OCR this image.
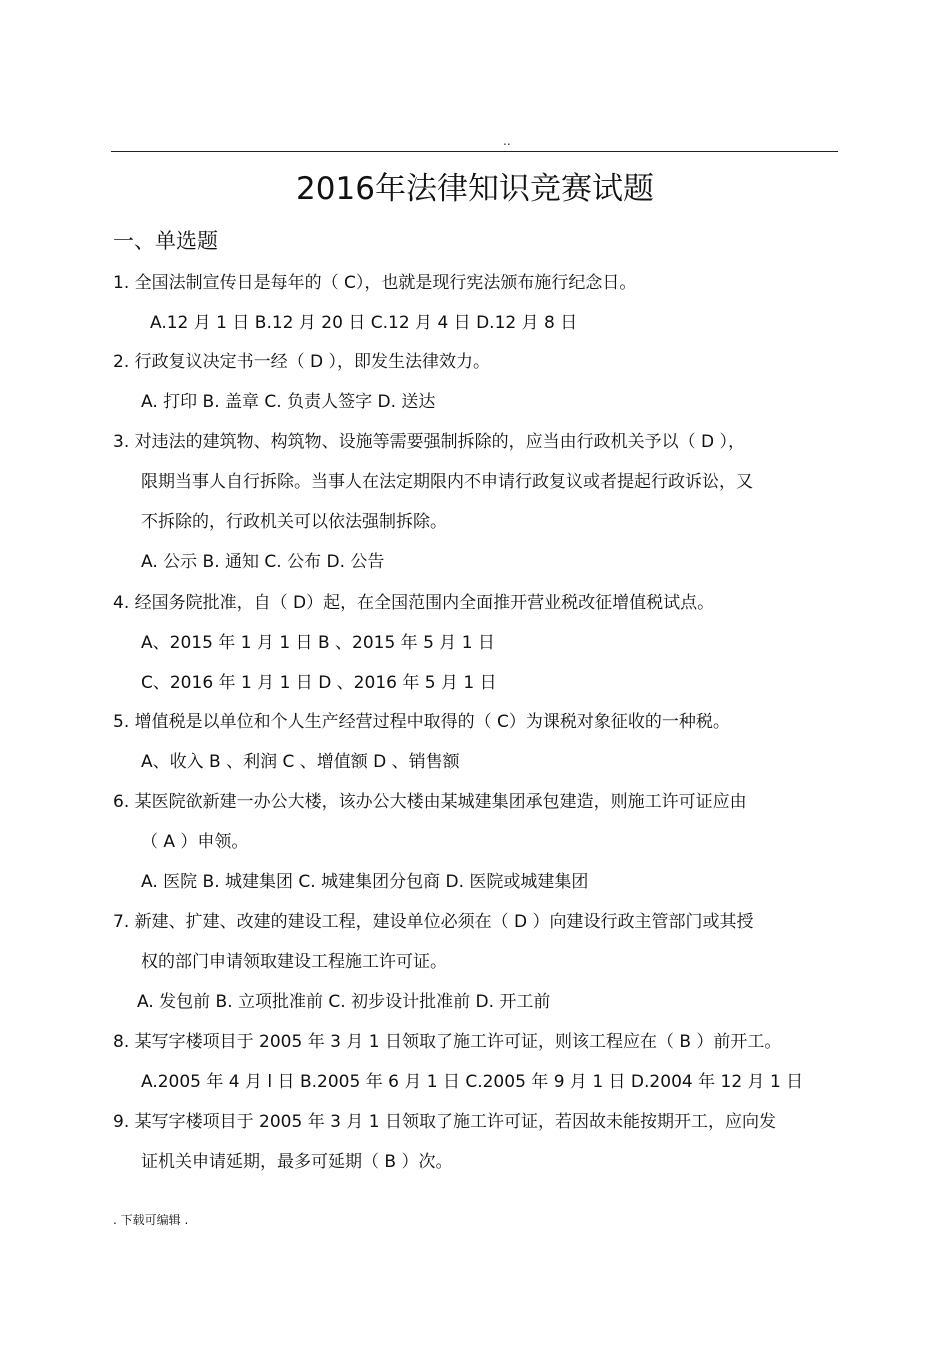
..
2016年法律知识竞赛试题
一、单选题
1. 全国法制宣传日是每年的（ C），也就是现行宪法颁布施行纪念日。
A.12 月 1 日 B.12 月 20 日 C.12 月 4 日 D.12 月 8 日
2. 行政复议决定书一经（ D ），即发生法律效力。
A. 打印 B. 盖章 C. 负责人签字 D. 送达
3. 对违法的建筑物、构筑物、设施等需要强制拆除的，应当由行政机关予以（ D ），
限期当事人自行拆除。当事人在法定期限内不申请行政复议或者提起行政诉讼，又
不拆除的，行政机关可以依法强制拆除。
A. 公示 B. 通知 C. 公布 D. 公告
4. 经国务院批准，自（ D）起，在全国范围内全面推开营业税改征增值税试点。
A、2015 年 1 月 1 日 B 、2015 年 5 月 1 日
C、2016 年 1 月 1 日 D 、2016 年 5 月 1 日
5. 增值税是以单位和个人生产经营过程中取得的（ C）为课税对象征收的一种税。
A、收入 B 、利润 C 、增值额 D 、销售额
6. 某医院欲新建一办公大楼，该办公大楼由某城建集团承包建造，则施工许可证应由
（ A ）申领。
A. 医院 B. 城建集团 C. 城建集团分包商 D. 医院或城建集团
7. 新建、扩建、改建的建设工程，建设单位必须在（ D ）向建设行政主管部门或其授
权的部门申请领取建设工程施工许可证。
A. 发包前 B. 立项批准前 C. 初步设计批准前 D. 开工前
8. 某写字楼项目于 2005 年 3 月 1 日领取了施工许可证，则该工程应在（ B ）前开工。
A.2005 年 4 月 l 日 B.2005 年 6 月 1 日 C.2005 年 9 月 1 日 D.2004 年 12 月 1 日
9. 某写字楼项目于 2005 年 3 月 1 日领取了施工许可证，若因故未能按期开工，应向发
证机关申请延期，最多可延期（ B ）次。
. 下载可编辑 .
